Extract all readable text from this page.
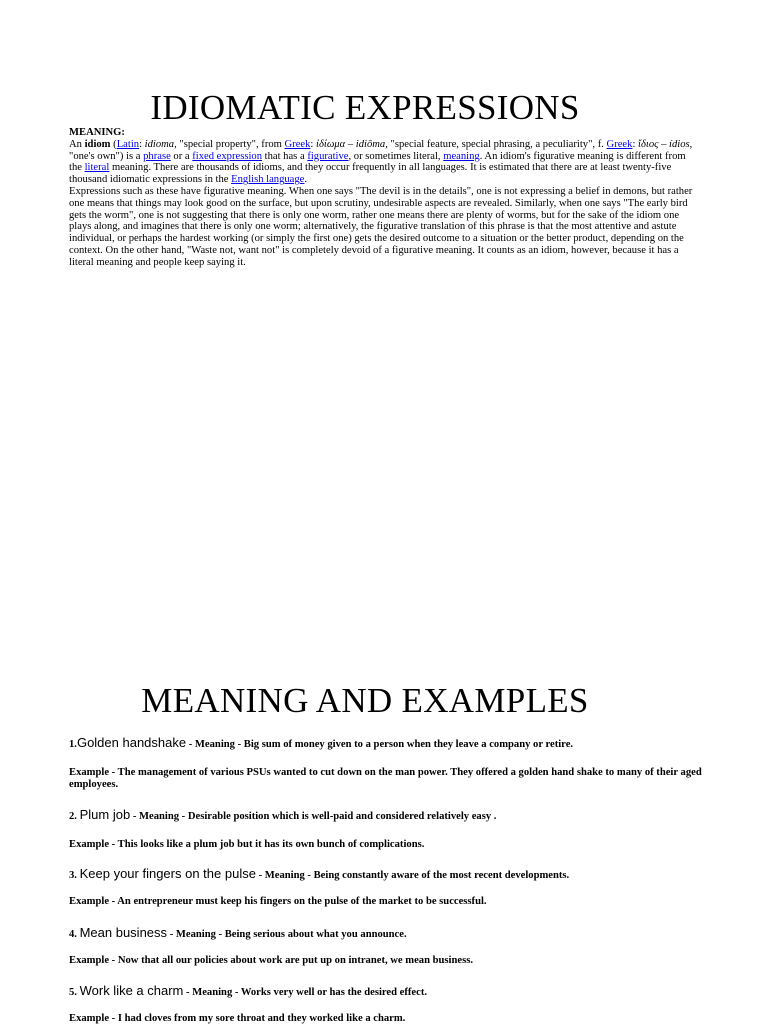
IDIOMATIC EXPRESSIONS

MEANING:
An idiom (Latin: idioma, "special property", from Greek: ἰδίωμα – idiōma, "special feature, special phrasing, a peculiarity", f. Greek: ἴδιος – ídios, "one's own") is a phrase or a fixed expression that has a figurative, or sometimes literal, meaning. An idiom's figurative meaning is different from the literal meaning. There are thousands of idioms, and they occur frequently in all languages. It is estimated that there are at least twenty-five thousand idiomatic expressions in the English language.

Expressions such as these have figurative meaning. When one says "The devil is in the details", one is not expressing a belief in demons, but rather one means that things may look good on the surface, but upon scrutiny, undesirable aspects are revealed. Similarly, when one says "The early bird gets the worm", one is not suggesting that there is only one worm, rather one means there are plenty of worms, but for the sake of the idiom one plays along, and imagines that there is only one worm; alternatively, the figurative translation of this phrase is that the most attentive and astute individual, or perhaps the hardest working (or simply the first one) gets the desired outcome to a situation or the better product, depending on the context. On the other hand, "Waste not, want not" is completely devoid of a figurative meaning. It counts as an idiom, however, because it has a literal meaning and people keep saying it.

MEANING AND EXAMPLES
1.Golden handshake - Meaning - Big sum of money given to a person when they leave a company or retire.
Example - The management of various PSUs wanted to cut down on the man power. They offered a golden hand shake to many of their aged employees.
2. Plum job - Meaning - Desirable position which is well-paid and considered relatively easy .
Example - This looks like a plum job but it has its own bunch of complications.
3. Keep your fingers on the pulse - Meaning - Being constantly aware of the most recent developments.
Example - An entrepreneur must keep his fingers on the pulse of the market to be successful.
4. Mean business - Meaning - Being serious about what you announce.
Example - Now that all our policies about work are put up on intranet, we mean business.
5. Work like a charm - Meaning - Works very well or has the desired effect.
Example - I had cloves from my sore throat and they worked like a charm.
